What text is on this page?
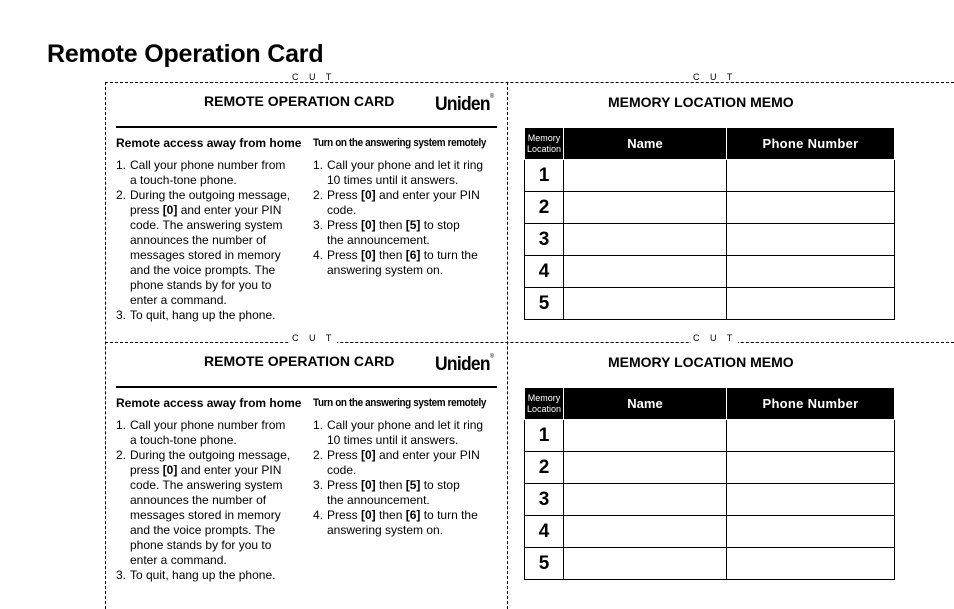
Remote Operation Card
C U T	C U T
C U T	C U T
REMOTE OPERATION CARD Uniden®
Remote access away from home
1. Call your phone number from
a touch-tone phone.
2. During the outgoing message,
press [0] and enter your PIN
code. The answering system
announces the number of
messages stored in memory
and the voice prompts. The
phone stands by for you to
enter a command.
3. To quit, hang up the phone.
Turn on the answering system remotely
1. Call your phone and let it ring
10 times until it answers.
2. Press [0] and enter your PIN
code.
3. Press [0] then [5] to stop
the announcement.
4. Press [0] then [6] to turn the
answering system on.
MEMORY LOCATION MEMO
Memory
Location	Name	Phone Number
1		
2		
3		
4		
5		
REMOTE OPERATION CARD Uniden®
Remote access away from home
1. Call your phone number from
a touch-tone phone.
2. During the outgoing message,
press [0] and enter your PIN
code. The answering system
announces the number of
messages stored in memory
and the voice prompts. The
phone stands by for you to
enter a command.
3. To quit, hang up the phone.
Turn on the answering system remotely
1. Call your phone and let it ring
10 times until it answers.
2. Press [0] and enter your PIN
code.
3. Press [0] then [5] to stop
the announcement.
4. Press [0] then [6] to turn the
answering system on.
MEMORY LOCATION MEMO
Memory
Location	Name	Phone Number
1		
2		
3		
4		
5		
